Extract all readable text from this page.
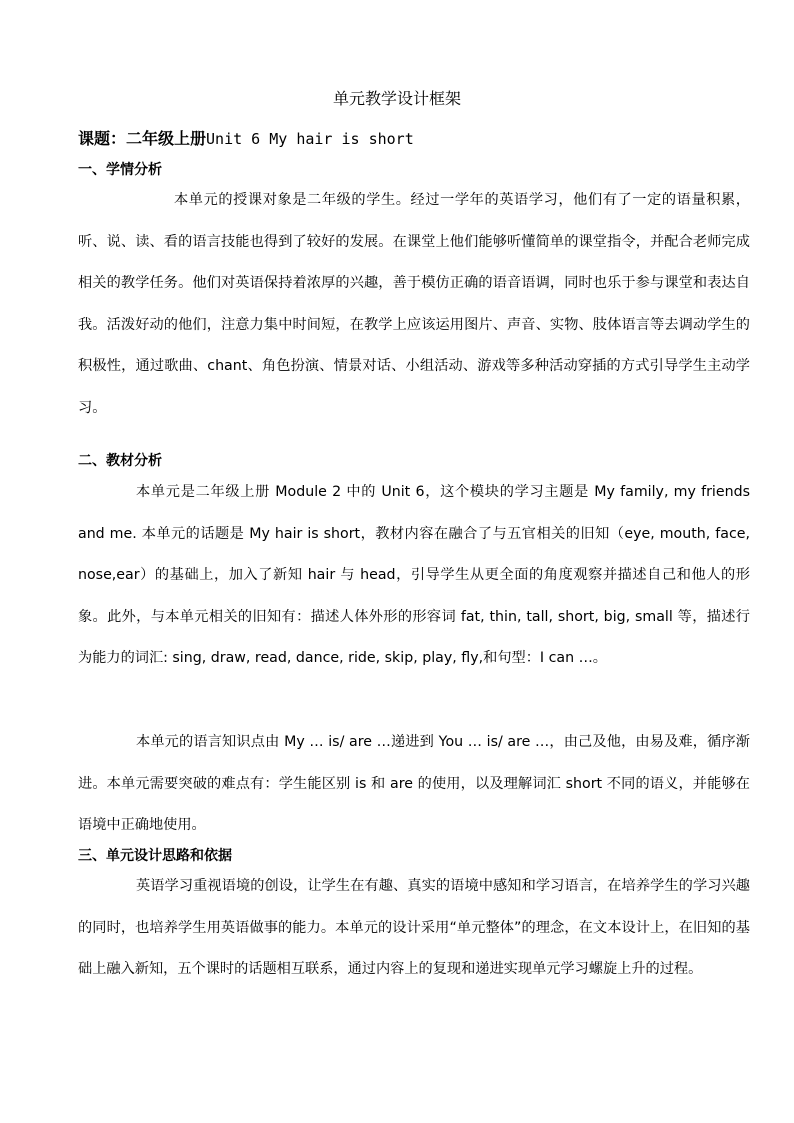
单元教学设计框架
课题：二年级上册Unit 6 My hair is short
一、学情分析

本单元的授课对象是二年级的学生。经过一学年的英语学习，他们有了一定的语量积累，听、说、读、看的语言技能也得到了较好的发展。在课堂上他们能够听懂简单的课堂指令，并配合老师完成相关的教学任务。他们对英语保持着浓厚的兴趣，善于模仿正确的语音语调，同时也乐于参与课堂和表达自我。活泼好动的他们，注意力集中时间短，在教学上应该运用图片、声音、实物、肢体语言等去调动学生的积极性，通过歌曲、chant、角色扮演、情景对话、小组活动、游戏等多种活动穿插的方式引导学生主动学习。

二、教材分析

本单元是二年级上册 Module 2 中的 Unit 6，这个模块的学习主题是 My family, my friends and me. 本单元的话题是 My hair is short，教材内容在融合了与五官相关的旧知（eye, mouth, face, nose,ear）的基础上，加入了新知 hair 与 head，引导学生从更全面的角度观察并描述自己和他人的形象。此外，与本单元相关的旧知有：描述人体外形的形容词 fat, thin, tall, short, big, small 等，描述行为能力的词汇: sing, draw, read, dance, ride, skip, play, fly,和句型：I can …。

本单元的语言知识点由 My … is/ are …递进到 You … is/ are …，由己及他，由易及难，循序渐进。本单元需要突破的难点有：学生能区别 is 和 are 的使用，以及理解词汇 short 不同的语义，并能够在语境中正确地使用。

三、单元设计思路和依据

英语学习重视语境的创设，让学生在有趣、真实的语境中感知和学习语言，在培养学生的学习兴趣的同时，也培养学生用英语做事的能力。本单元的设计采用“单元整体”的理念，在文本设计上，在旧知的基础上融入新知，五个课时的话题相互联系，通过内容上的复现和递进实现单元学习螺旋上升的过程。
